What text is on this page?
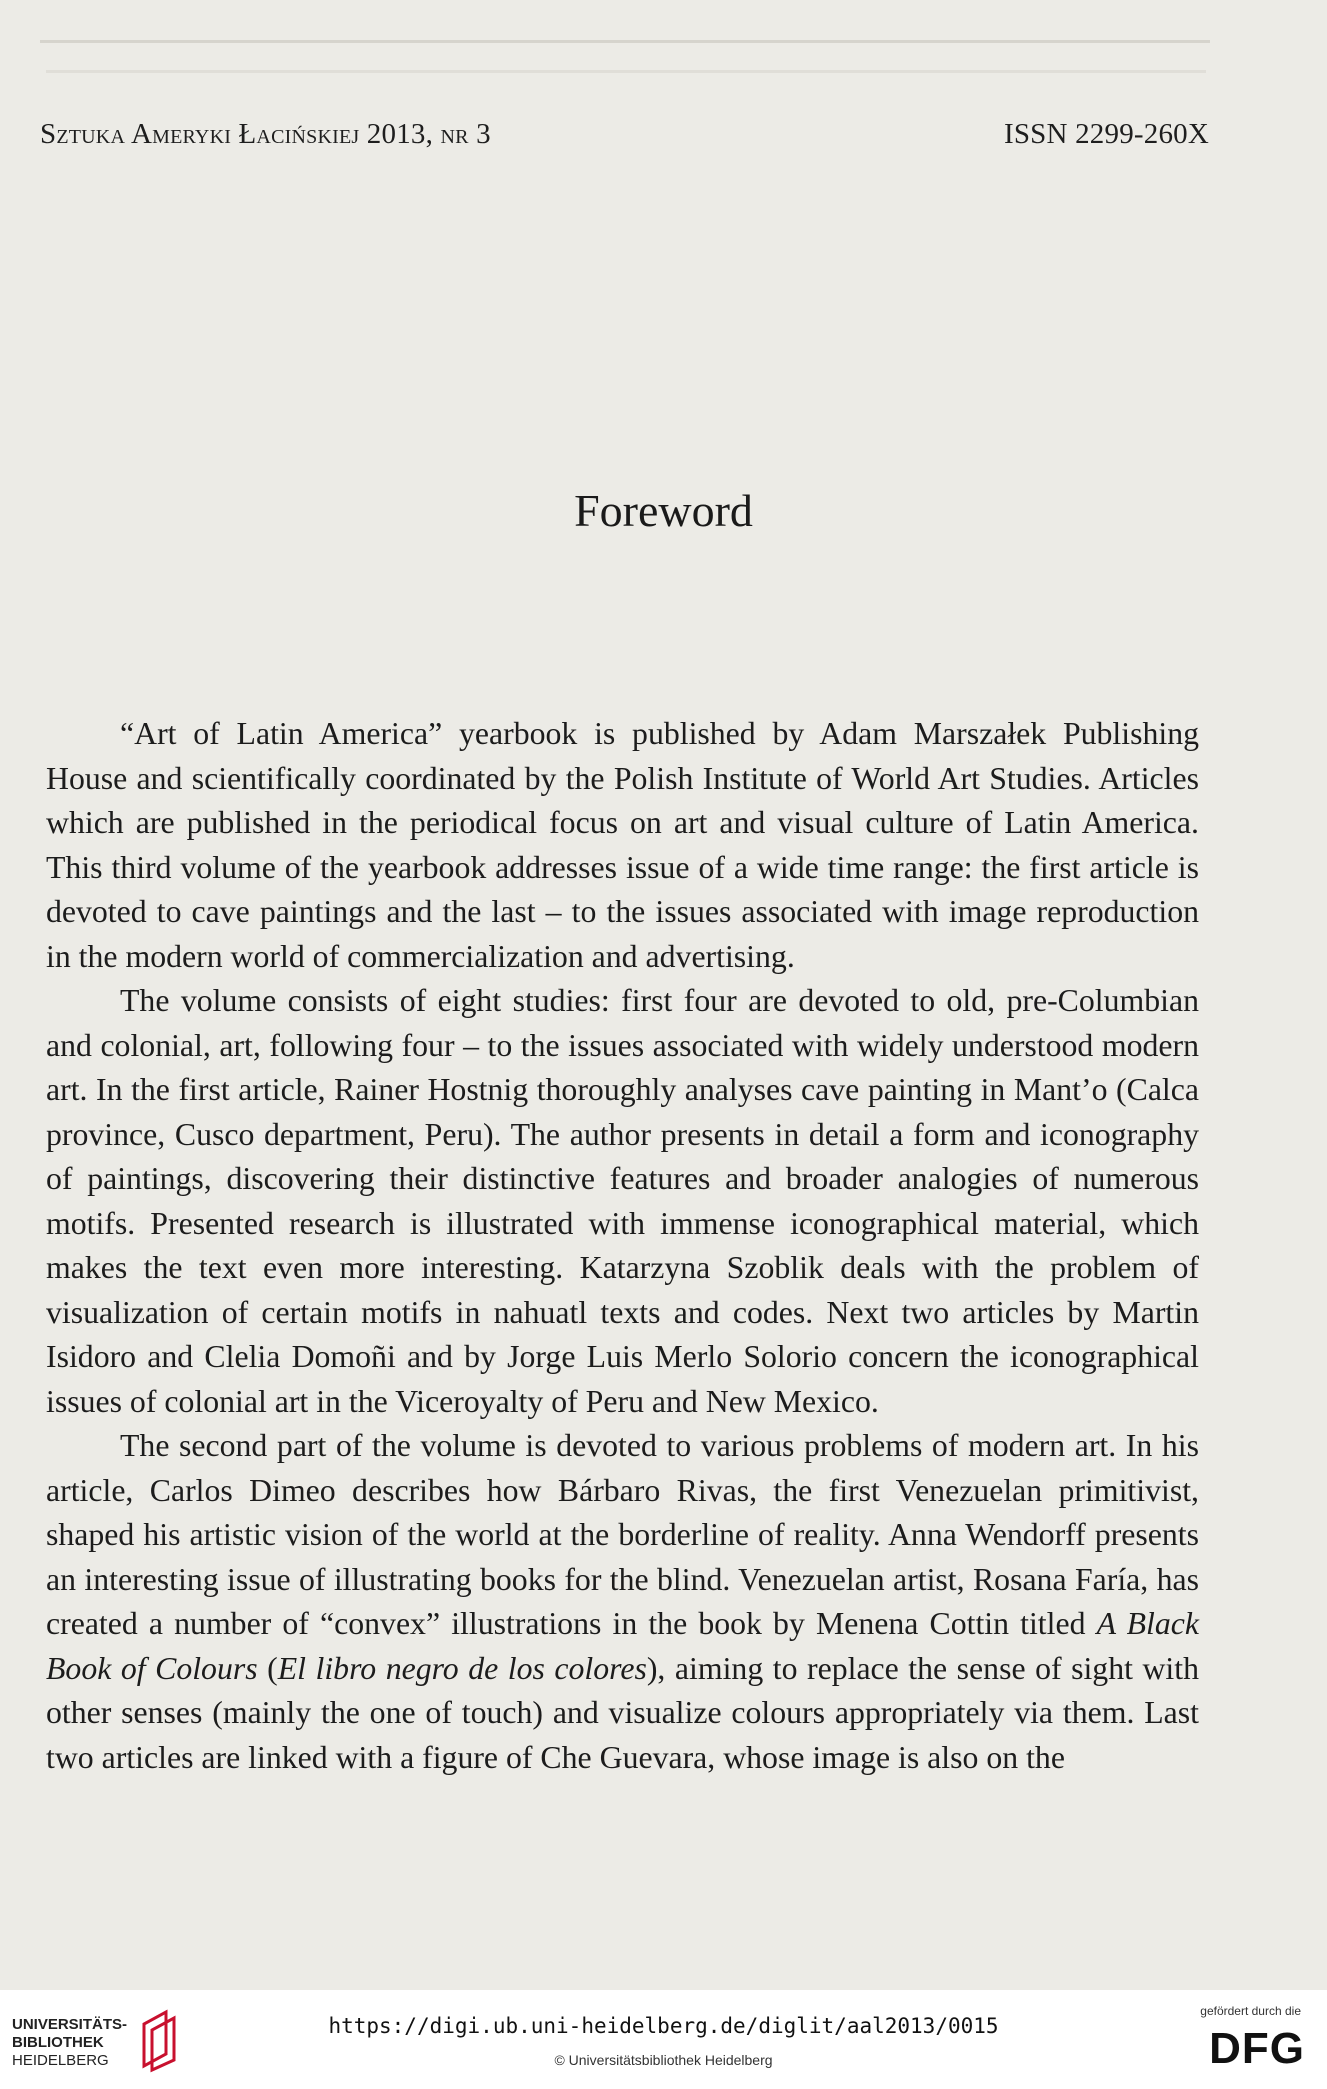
Sztuka Ameryki Łacińskiej 2013, nr 3	ISSN 2299-260X
Foreword

“Art of Latin America” yearbook is published by Adam Marszałek Publishing House and scientifically coordinated by the Polish Institute of World Art Studies. Articles which are published in the periodical focus on art and visual culture of Latin America. This third volume of the yearbook addresses issue of a wide time range: the first article is devoted to cave paintings and the last – to the issues associated with image reproduction in the modern world of commercialization and advertising.

The volume consists of eight studies: first four are devoted to old, pre-Columbian and colonial, art, following four – to the issues associated with widely understood modern art. In the first article, Rainer Hostnig thoroughly analyses cave painting in Mant’o (Calca province, Cusco department, Peru). The author presents in detail a form and iconography of paintings, discovering their distinctive features and broader analogies of numerous motifs. Presented research is illustrated with immense iconographical material, which makes the text even more interesting. Katarzyna Szoblik deals with the problem of visualization of certain motifs in nahuatl texts and codes. Next two articles by Martin Isidoro and Clelia Domoñi and by Jorge Luis Merlo Solorio concern the iconographical issues of colonial art in the Viceroyalty of Peru and New Mexico.

The second part of the volume is devoted to various problems of modern art. In his article, Carlos Dimeo describes how Bárbaro Rivas, the first Venezuelan primitivist, shaped his artistic vision of the world at the borderline of reality. Anna Wendorff presents an interesting issue of illustrating books for the blind. Venezuelan artist, Rosana Faría, has created a number of “convex” illustrations in the book by Menena Cottin titled A Black Book of Colours (El libro negro de los colores), aiming to replace the sense of sight with other senses (mainly the one of touch) and visualize colours appropriately via them. Last two articles are linked with a figure of Che Guevara, whose image is also on the

UNIVERSITÄTS-
BIBLIOTHEK
HEIDELBERG
https://digi.ub.uni-heidelberg.de/diglit/aal2013/0015
© Universitätsbibliothek Heidelberg
gefördert durch die
DFG
